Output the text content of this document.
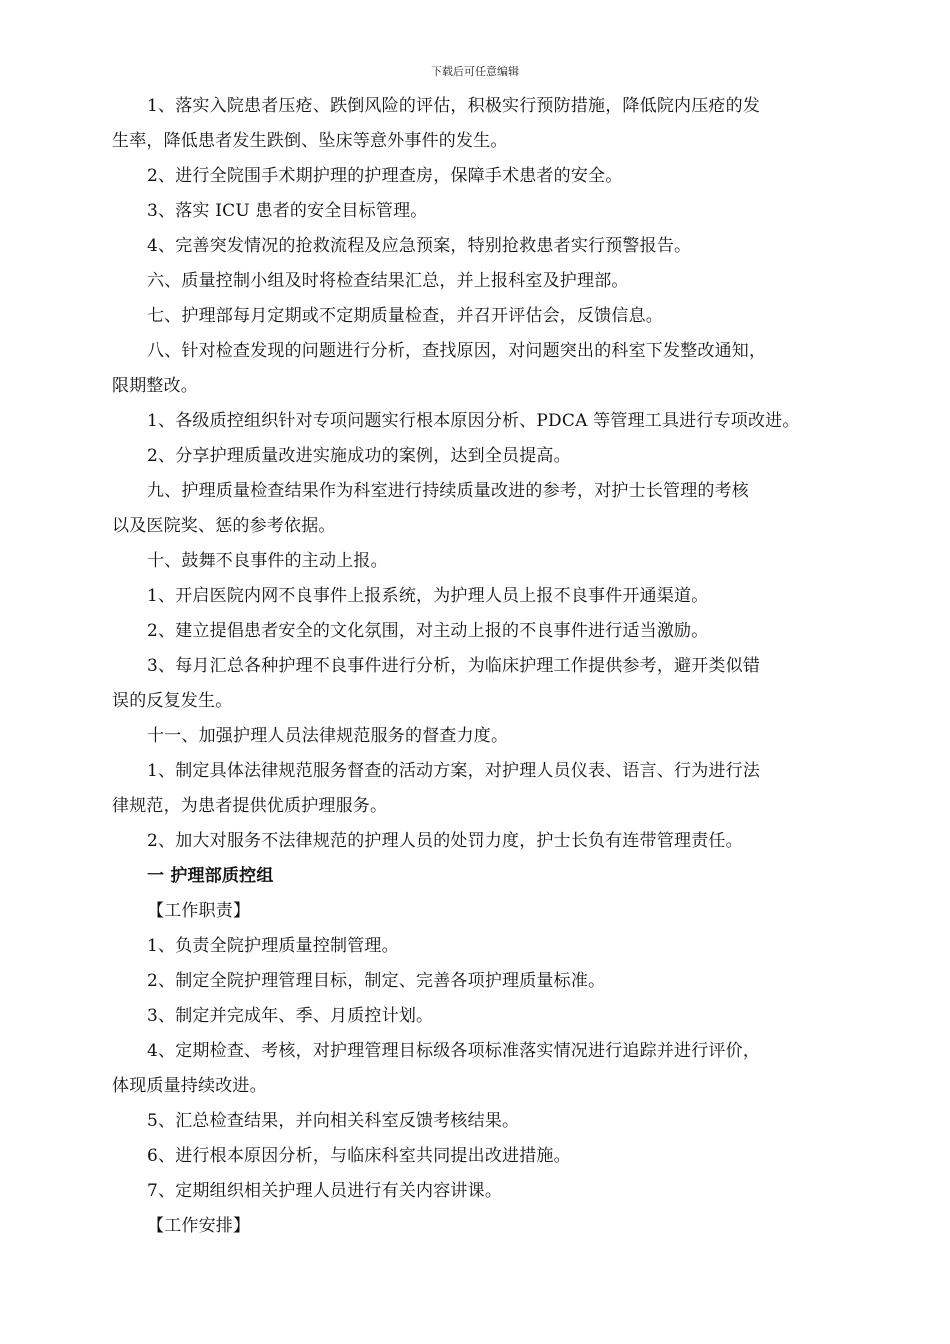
下载后可任意编辑
1、落实入院患者压疮、跌倒风险的评估，积极实行预防措施，降低院内压疮的发
生率，降低患者发生跌倒、坠床等意外事件的发生。
2、进行全院围手术期护理的护理查房，保障手术患者的安全。
3、落实 ICU 患者的安全目标管理。
4、完善突发情况的抢救流程及应急预案，特别抢救患者实行预警报告。
六、质量控制小组及时将检查结果汇总，并上报科室及护理部。
七、护理部每月定期或不定期质量检查，并召开评估会，反馈信息。
八、针对检查发现的问题进行分析，查找原因，对问题突出的科室下发整改通知，
限期整改。
1、各级质控组织针对专项问题实行根本原因分析、PDCA 等管理工具进行专项改进。
2、分享护理质量改进实施成功的案例，达到全员提高。
九、护理质量检查结果作为科室进行持续质量改进的参考，对护士长管理的考核
以及医院奖、惩的参考依据。
十、鼓舞不良事件的主动上报。
1、开启医院内网不良事件上报系统，为护理人员上报不良事件开通渠道。
2、建立提倡患者安全的文化氛围，对主动上报的不良事件进行适当激励。
3、每月汇总各种护理不良事件进行分析，为临床护理工作提供参考，避开类似错
误的反复发生。
十一、加强护理人员法律规范服务的督查力度。
1、制定具体法律规范服务督查的活动方案，对护理人员仪表、语言、行为进行法
律规范，为患者提供优质护理服务。
2、加大对服务不法律规范的护理人员的处罚力度，护士长负有连带管理责任。
一 护理部质控组
【工作职责】
1、负责全院护理质量控制管理。
2、制定全院护理管理目标，制定、完善各项护理质量标准。
3、制定并完成年、季、月质控计划。
4、定期检查、考核，对护理管理目标级各项标准落实情况进行追踪并进行评价，
体现质量持续改进。
5、汇总检查结果，并向相关科室反馈考核结果。
6、进行根本原因分析，与临床科室共同提出改进措施。
7、定期组织相关护理人员进行有关内容讲课。
【工作安排】
